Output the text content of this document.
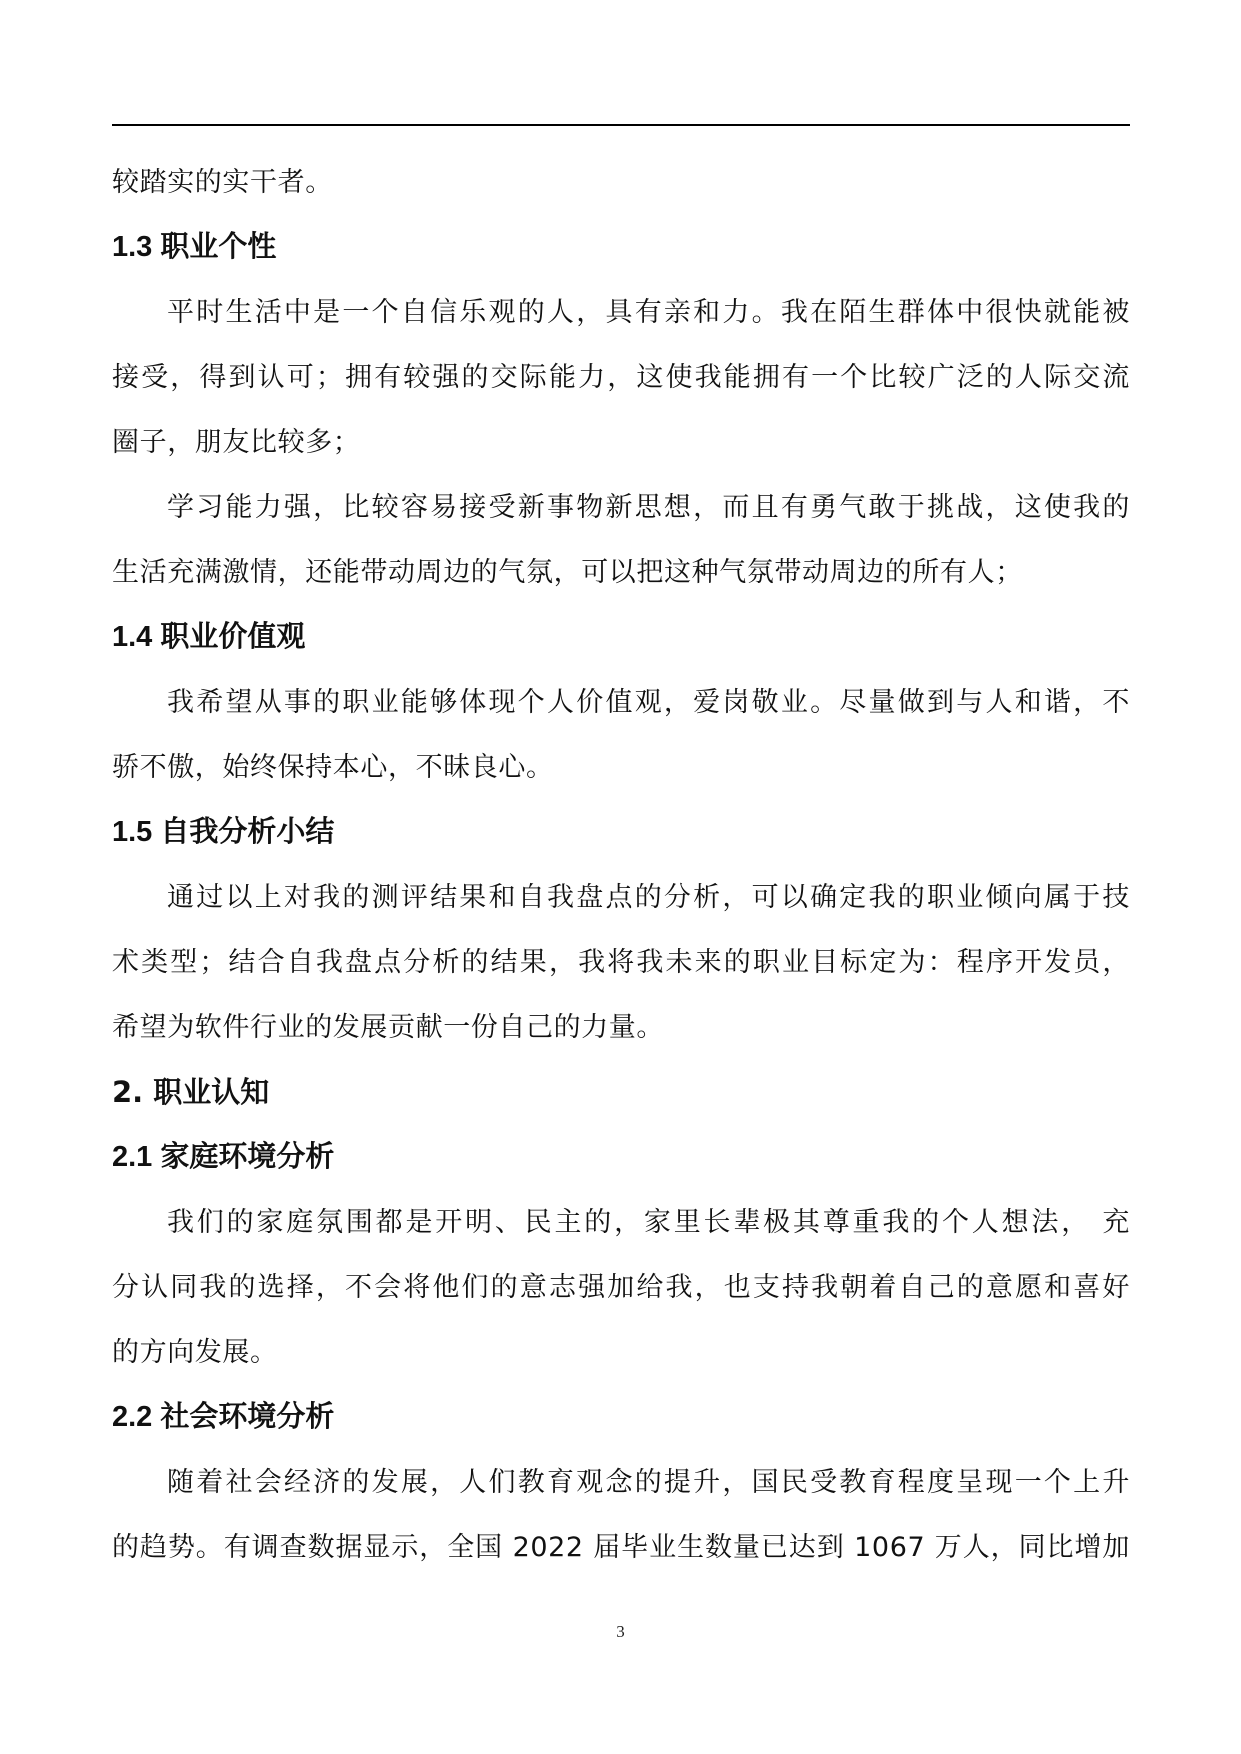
较踏实的实干者。
1.3 职业个性
平时生活中是一个自信乐观的人，具有亲和力。我在陌生群体中很快就能被
接受，得到认可；拥有较强的交际能力，这使我能拥有一个比较广泛的人际交流
圈子，朋友比较多；
学习能力强，比较容易接受新事物新思想，而且有勇气敢于挑战，这使我的
生活充满激情，还能带动周边的气氛，可以把这种气氛带动周边的所有人；
1.4 职业价值观
我希望从事的职业能够体现个人价值观，爱岗敬业。尽量做到与人和谐，不
骄不傲，始终保持本心，不昧良心。
1.5 自我分析小结
通过以上对我的测评结果和自我盘点的分析，可以确定我的职业倾向属于技
术类型；结合自我盘点分析的结果，我将我未来的职业目标定为：程序开发员，
希望为软件行业的发展贡献一份自己的力量。
2. 职业认知
2.1 家庭环境分析
我们的家庭氛围都是开明、民主的，家里长辈极其尊重我的个人想法， 充
分认同我的选择，不会将他们的意志强加给我，也支持我朝着自己的意愿和喜好
的方向发展。
2.2 社会环境分析
随着社会经济的发展，人们教育观念的提升，国民受教育程度呈现一个上升
的趋势。有调查数据显示，全国 2022 届毕业生数量已达到 1067 万人，同比增加
3
